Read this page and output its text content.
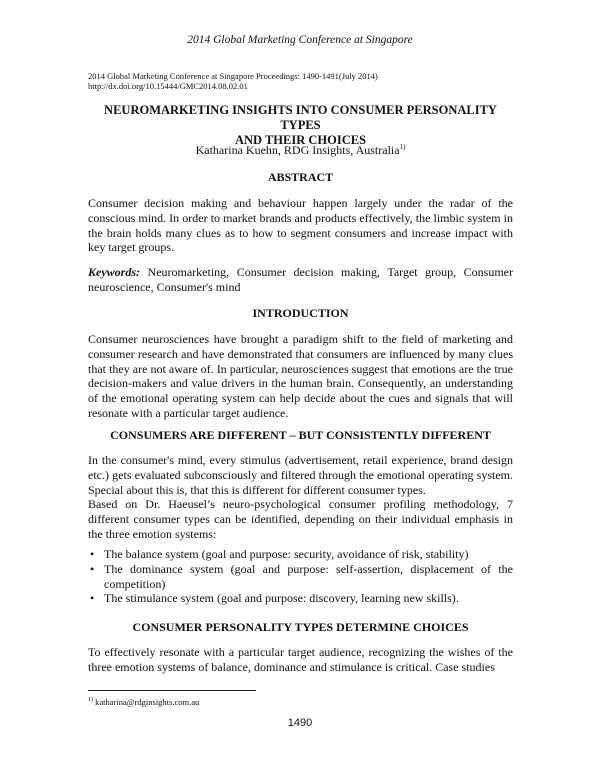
2014 Global Marketing Conference at Singapore
2014 Global Marketing Conference at Singapore Proceedings: 1490-1491(July 2014)
http://dx.doi.org/10.15444/GMC2014.08.02.01
NEUROMARKETING INSIGHTS INTO CONSUMER PERSONALITY TYPES
AND THEIR CHOICES
Katharina Kuehn, RDG Insights, Australia$^{1)}$
ABSTRACT

Consumer decision making and behaviour happen largely under the radar of the conscious mind. In order to market brands and products effectively, the limbic system in the brain holds many clues as to how to segment consumers and increase impact with key target groups.

Keywords: Neuromarketing, Consumer decision making, Target group, Consumer neuroscience, Consumer's mind

INTRODUCTION

Consumer neurosciences have brought a paradigm shift to the field of marketing and consumer research and have demonstrated that consumers are influenced by many clues that they are not aware of. In particular, neurosciences suggest that emotions are the true decision-makers and value drivers in the human brain. Consequently, an understanding of the emotional operating system can help decide about the cues and signals that will resonate with a particular target audience.

CONSUMERS ARE DIFFERENT – BUT CONSISTENTLY DIFFERENT

In the consumer's mind, every stimulus (advertisement, retail experience, brand design etc.) gets evaluated subconsciously and filtered through the emotional operating system. Special about this is, that this is different for different consumer types.

Based on Dr. Haeusel’s neuro-psychological consumer profiling methodology, 7 different consumer types can be identified, depending on their individual emphasis in the three emotion systems:

• The balance system (goal and purpose: security, avoidance of risk, stability)
• The dominance system (goal and purpose: self-assertion, displacement of the competition)
• The stimulance system (goal and purpose: discovery, learning new skills).
CONSUMER PERSONALITY TYPES DETERMINE CHOICES

To effectively resonate with a particular target audience, recognizing the wishes of the three emotion systems of balance, dominance and stimulance is critical. Case studies

$^{1)}$ katharina@rdginsights.com.au
1490
